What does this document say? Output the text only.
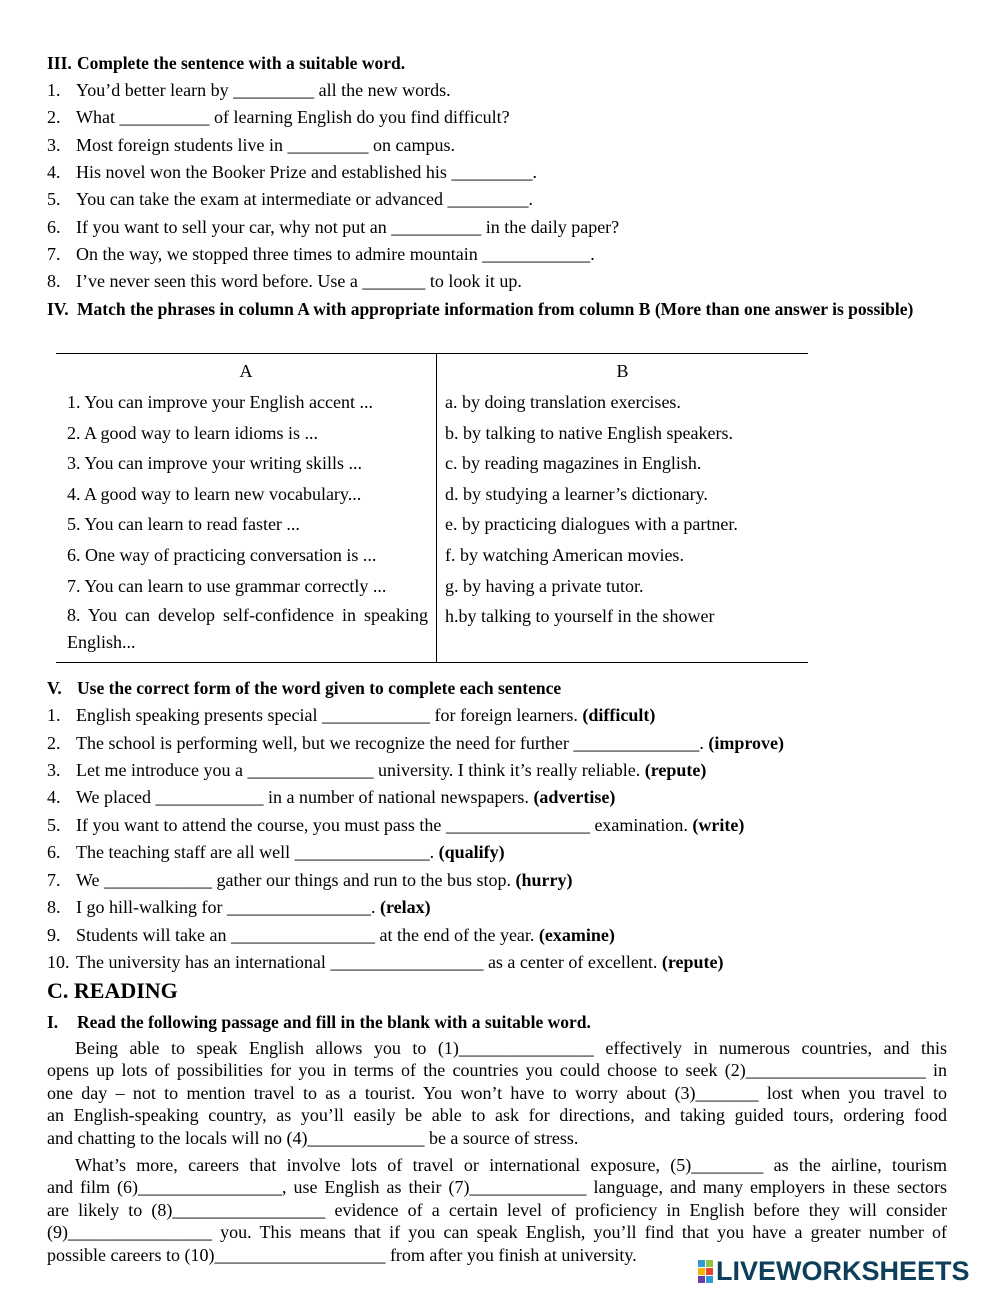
III. Complete the sentence with a suitable word.
1. You’d better learn by _________ all the new words.
2. What __________ of learning English do you find difficult?
3. Most foreign students live in _________ on campus.
4. His novel won the Booker Prize and established his _________.
5. You can take the exam at intermediate or advanced _________.
6. If you want to sell your car, why not put an __________ in the daily paper?
7. On the way, we stopped three times to admire mountain ____________.
8. I’ve never seen this word before. Use a _______ to look it up.
IV. Match the phrases in column A with appropriate information from column B (More than one answer is possible)
A
1. You can improve your English accent ...
2. A good way to learn idioms is ...
3. You can improve your writing skills ...
4. A good way to learn new vocabulary...
5. You can learn to read faster ...
6. One way of practicing conversation is ...
7. You can learn to use grammar correctly ...
8. You can develop self-confidence in speaking English...
B
a. by doing translation exercises.
b. by talking to native English speakers.
c. by reading magazines in English.
d. by studying a learner’s dictionary.
e. by practicing dialogues with a partner.
f. by watching American movies.
g. by having a private tutor.
h.by talking to yourself in the shower
V. Use the correct form of the word given to complete each sentence
1. English speaking presents special ____________ for foreign learners. (difficult)
2. The school is performing well, but we recognize the need for further ______________. (improve)
3. Let me introduce you a ______________ university. I think it’s really reliable. (repute)
4. We placed ____________ in a number of national newspapers. (advertise)
5. If you want to attend the course, you must pass the ________________ examination. (write)
6. The teaching staff are all well _______________. (qualify)
7. We ____________ gather our things and run to the bus stop. (hurry)
8. I go hill-walking for ________________. (relax)
9. Students will take an ________________ at the end of the year. (examine)
10. The university has an international _________________ as a center of excellent. (repute)
C. READING
I. Read the following passage and fill in the blank with a suitable word.
Being able to speak English allows you to (1)_______________ effectively in numerous countries, and this
opens up lots of possibilities for you in terms of the countries you could choose to seek (2)____________________ in
one day – not to mention travel to as a tourist. You won’t have to worry about (3)_______ lost when you travel to
an English-speaking country, as you’ll easily be able to ask for directions, and taking guided tours, ordering food
and chatting to the locals will no (4)_____________ be a source of stress.
What’s more, careers that involve lots of travel or international exposure, (5)________ as the airline, tourism
and film (6)________________, use English as their (7)_____________ language, and many employers in these sectors
are likely to (8)_________________ evidence of a certain level of proficiency in English before they will consider
(9)________________ you. This means that if you can speak English, you’ll find that you have a greater number of
possible careers to (10)___________________ from after you finish at university.
LIVEWORKSHEETS
